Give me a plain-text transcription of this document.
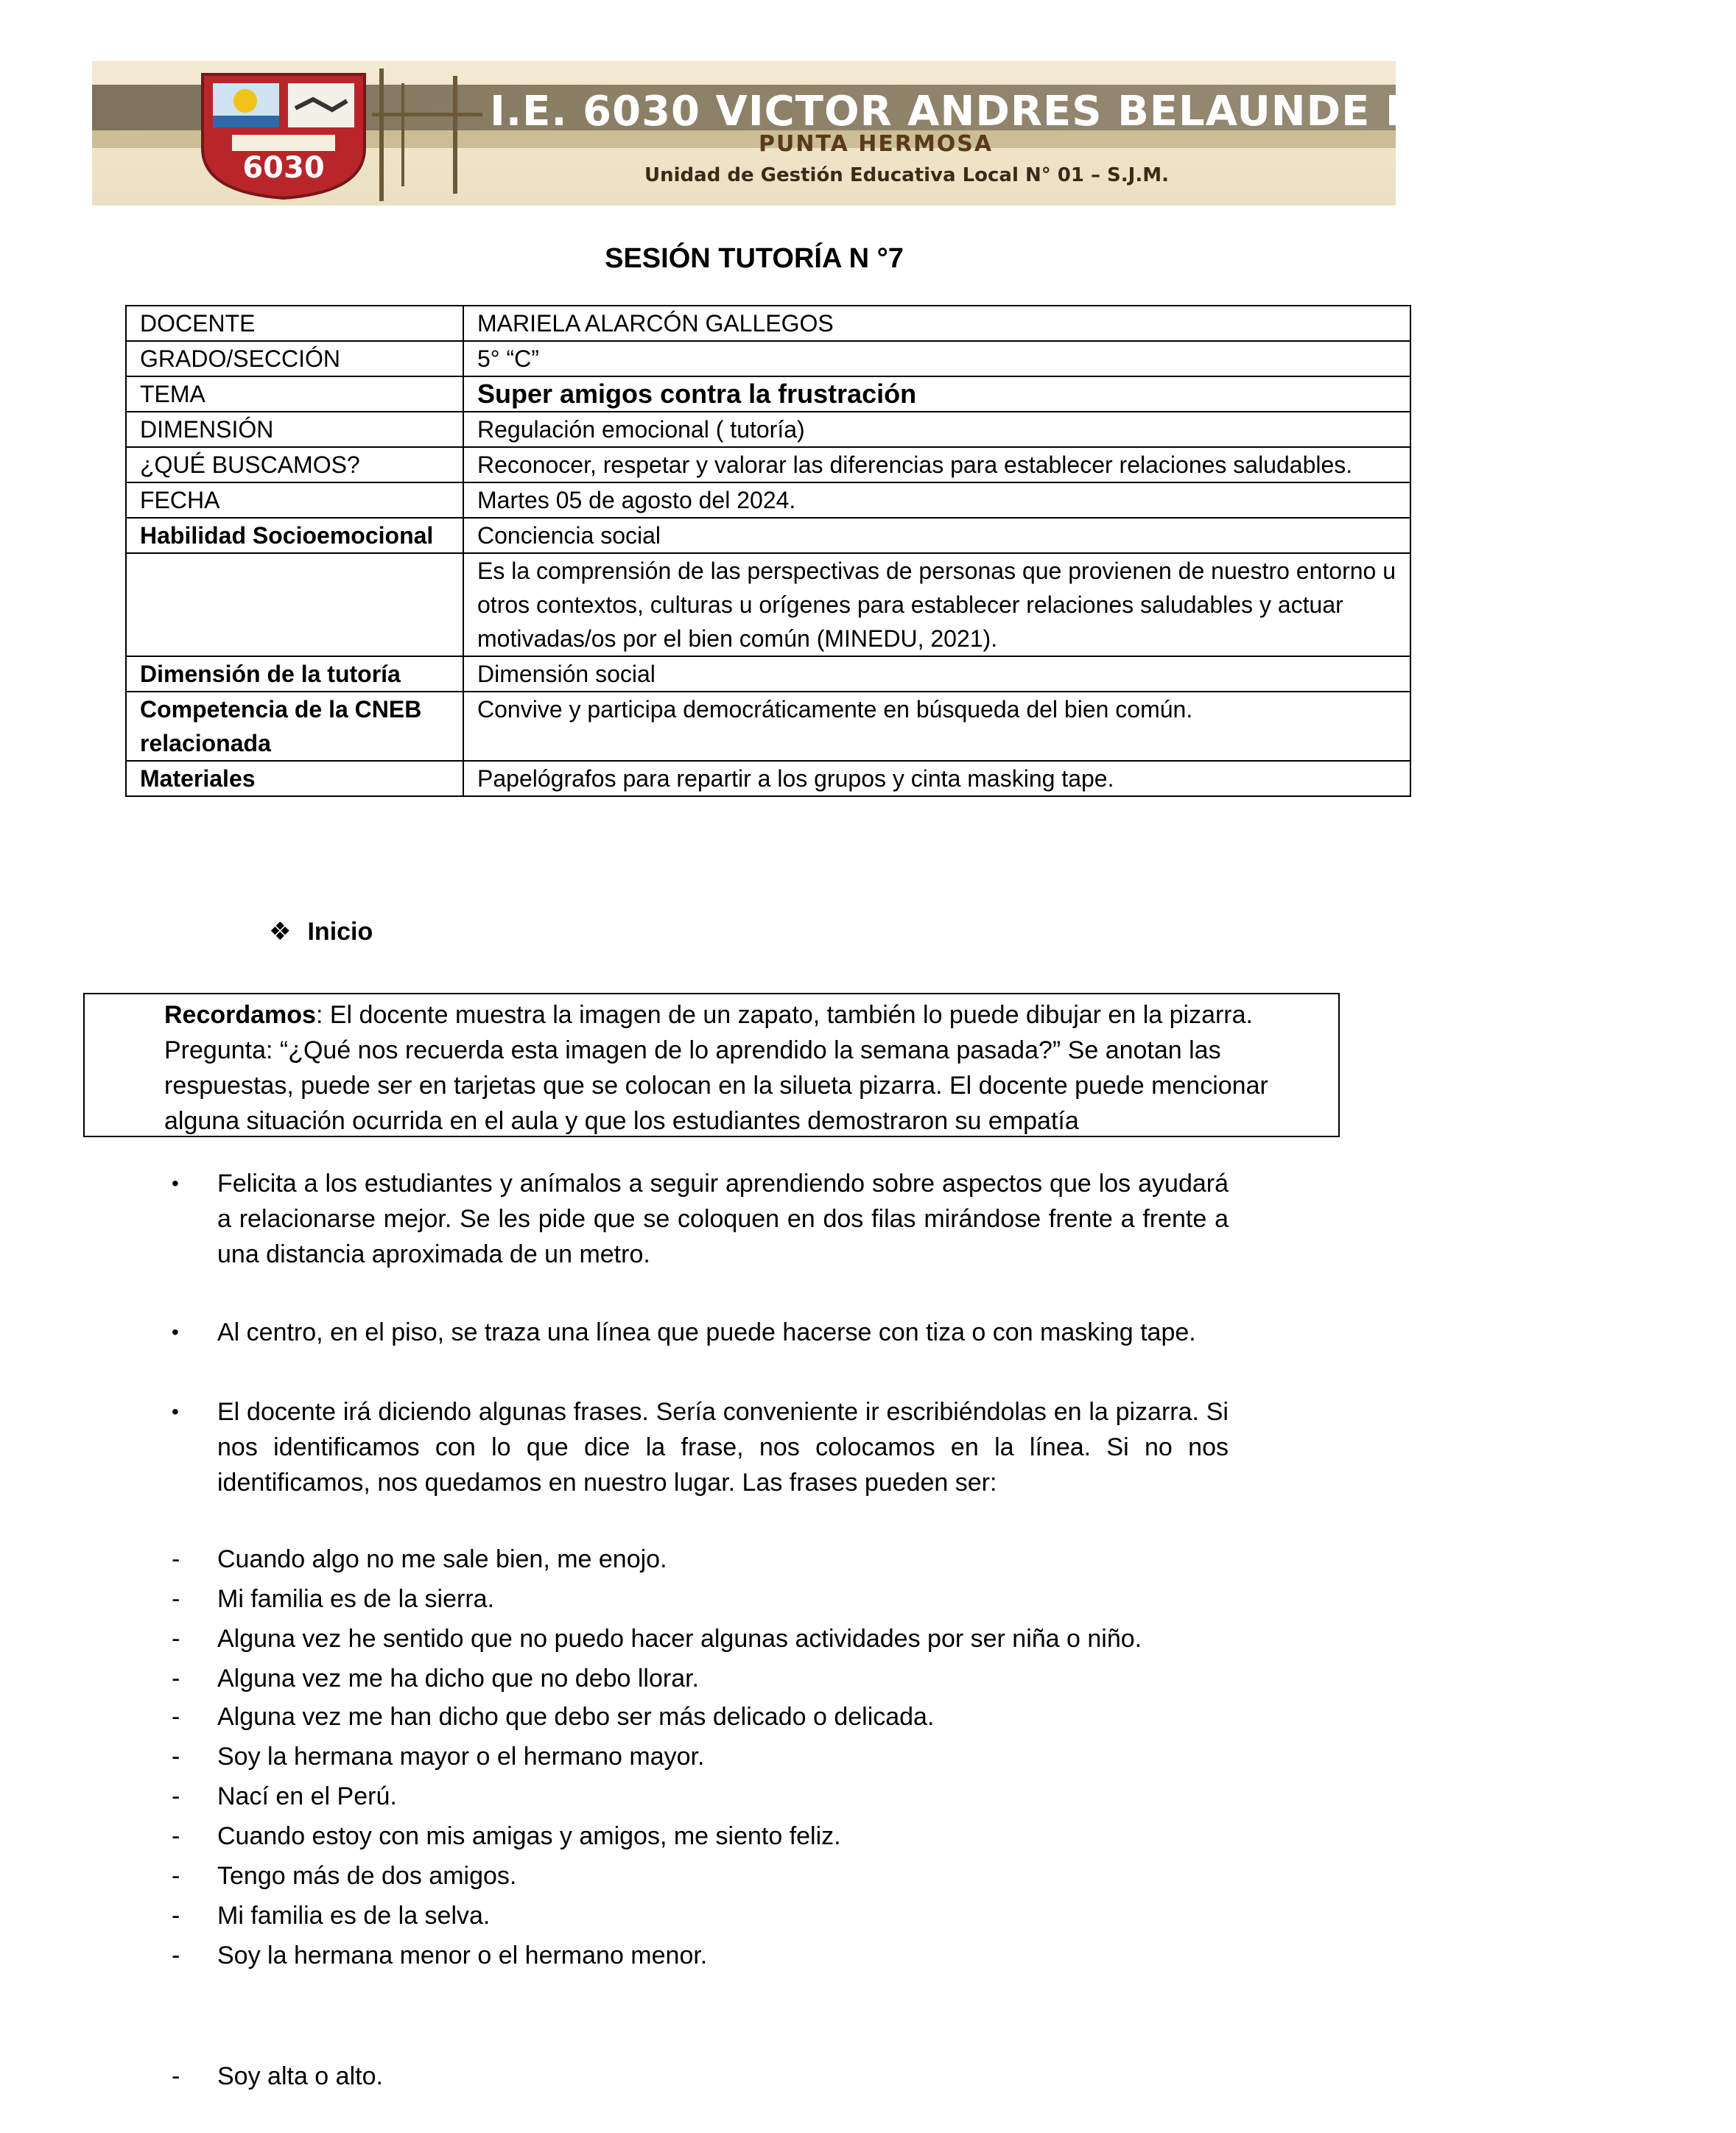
6030
I.E. 6030 VICTOR ANDRES BELAUNDE DIEZ CANSECO
PUNTA HERMOSA
Unidad de Gestión Educativa Local N° 01 – S.J.M.
SESIÓN TUTORÍA N °7
DOCENTE	MARIELA ALARCÓN GALLEGOS
GRADO/SECCIÓN	5° “C”
TEMA	Super amigos contra la frustración
DIMENSIÓN	Regulación emocional ( tutoría)
¿QUÉ BUSCAMOS?	Reconocer, respetar y valorar las diferencias para establecer relaciones saludables.
FECHA	Martes 05 de agosto del 2024.
Habilidad Socioemocional	Conciencia social
	Es la comprensión de las perspectivas de personas que provienen de nuestro entorno u otros contextos, culturas u orígenes para establecer relaciones saludables y actuar motivadas/os por el bien común (MINEDU, 2021).
Dimensión de la tutoría	Dimensión social
Competencia de la CNEB relacionada	Convive y participa democráticamente en búsqueda del bien común.
Materiales	Papelógrafos para repartir a los grupos y cinta masking tape.
❖ Inicio

Recordamos: El docente muestra la imagen de un zapato, también lo puede dibujar en la pizarra. Pregunta: “¿Qué nos recuerda esta imagen de lo aprendido la semana pasada?” Se anotan las respuestas, puede ser en tarjetas que se colocan en la silueta pizarra. El docente puede mencionar alguna situación ocurrida en el aula y que los estudiantes demostraron su empatía

• Felicita a los estudiantes y anímalos a seguir aprendiendo sobre aspectos que los ayudará a relacionarse mejor. Se les pide que se coloquen en dos filas mirándose frente a frente a una distancia aproximada de un metro.
• Al centro, en el piso, se traza una línea que puede hacerse con tiza o con masking tape.
• El docente irá diciendo algunas frases. Sería conveniente ir escribiéndolas en la pizarra. Si nos identificamos con lo que dice la frase, nos colocamos en la línea. Si no nos identificamos, nos quedamos en nuestro lugar. Las frases pueden ser:
- Cuando algo no me sale bien, me enojo.
- Mi familia es de la sierra.
- Alguna vez he sentido que no puedo hacer algunas actividades por ser niña o niño.
- Alguna vez me ha dicho que no debo llorar.
- Alguna vez me han dicho que debo ser más delicado o delicada.
- Soy la hermana mayor o el hermano mayor.
- Nací en el Perú.
- Cuando estoy con mis amigas y amigos, me siento feliz.
- Tengo más de dos amigos.
- Mi familia es de la selva.
- Soy la hermana menor o el hermano menor.
- Soy alta o alto.
